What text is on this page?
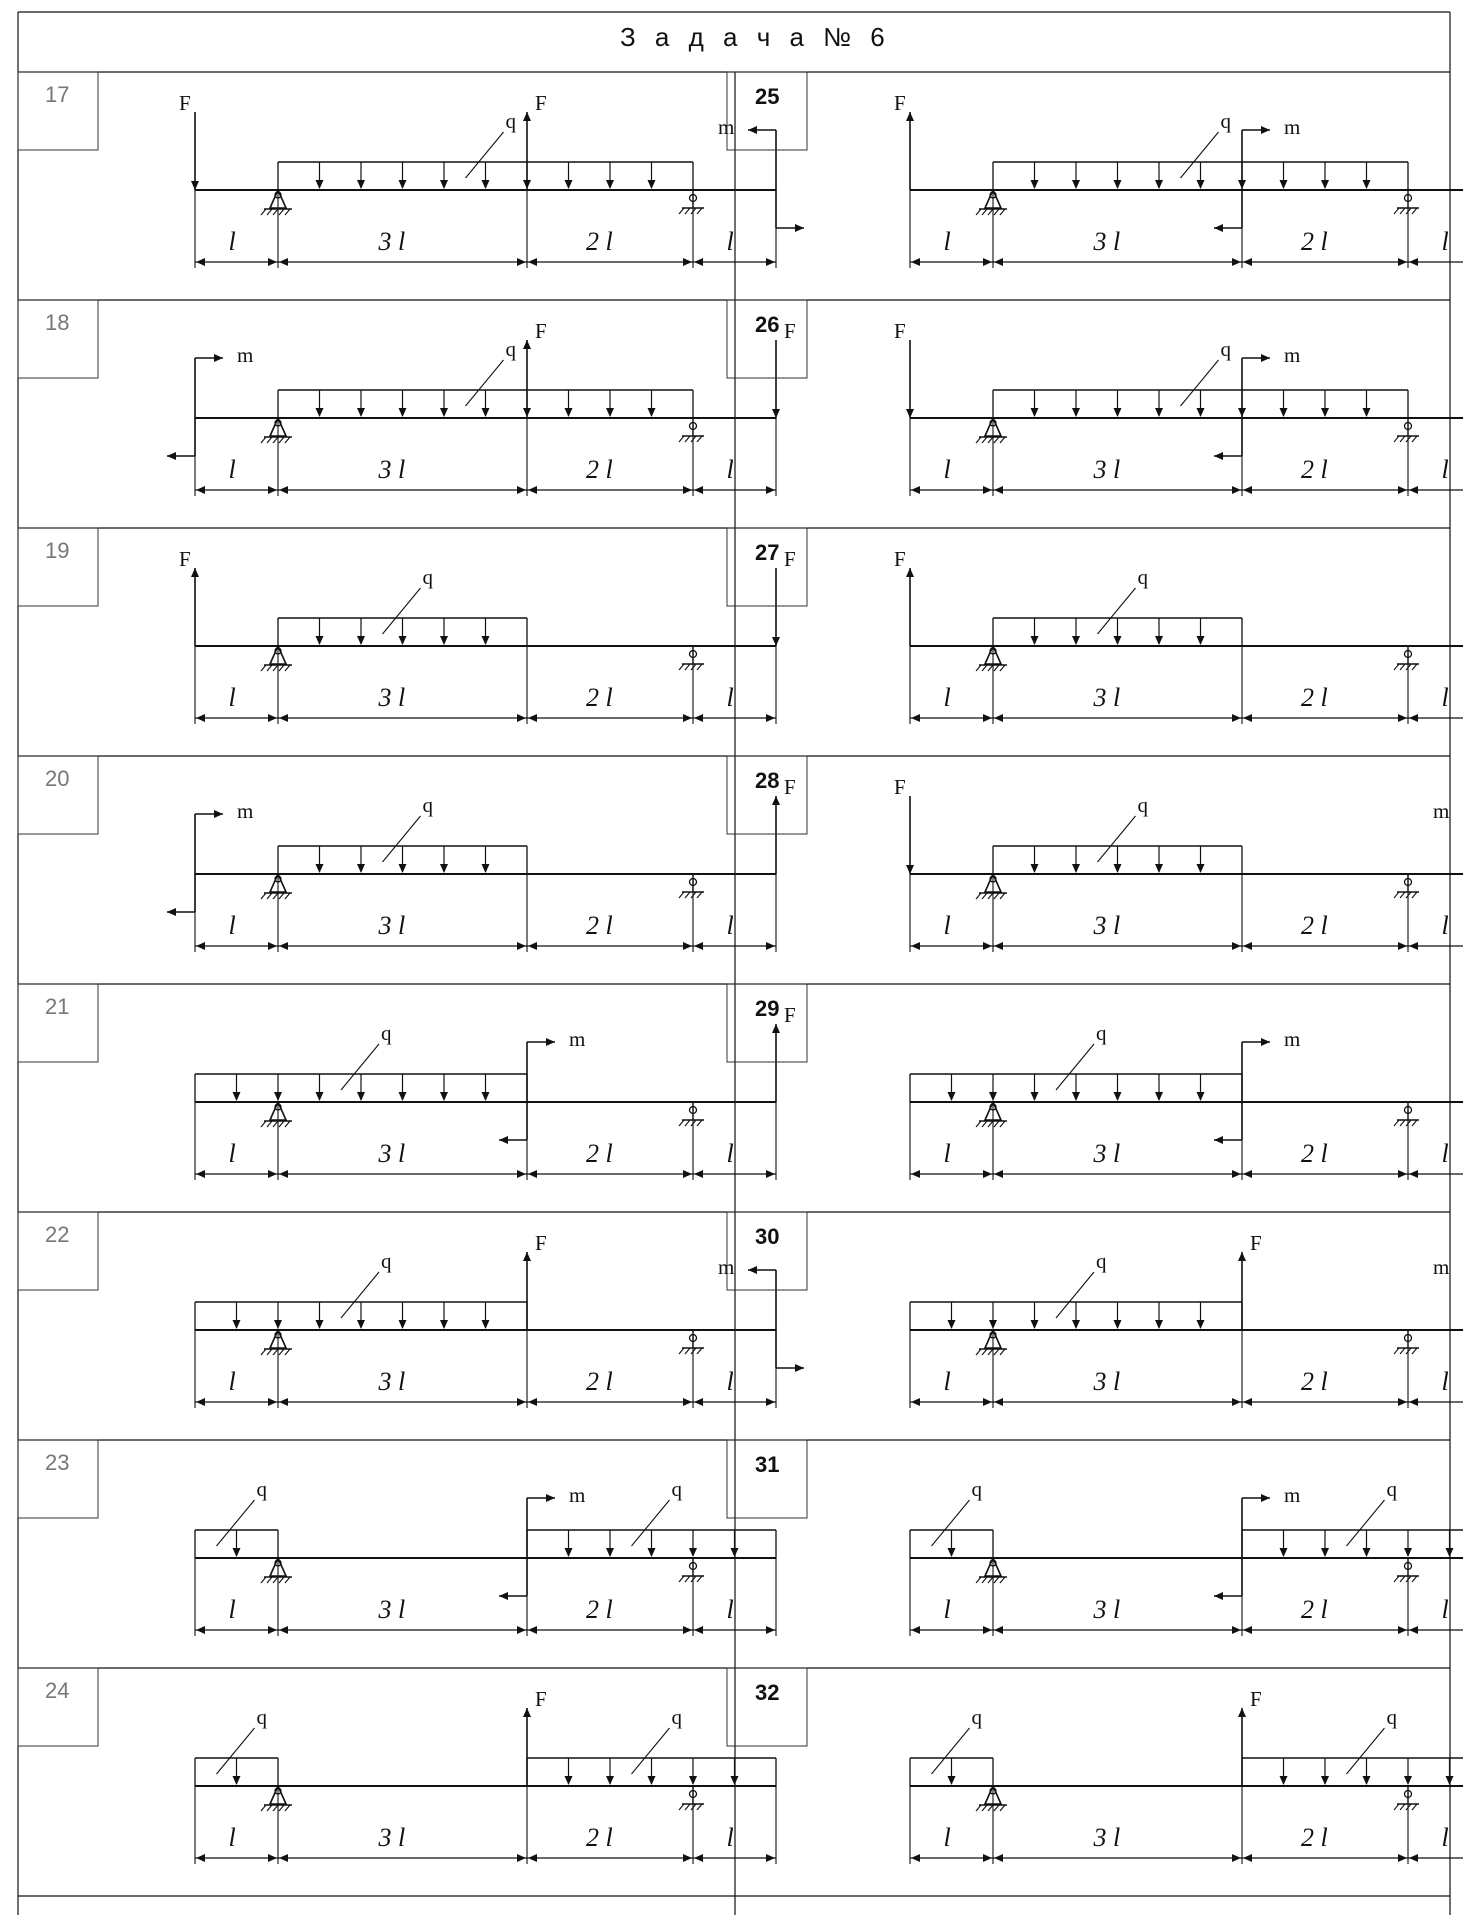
З а д а ч а № 6
17
l	3 l	2 l	l
F
q
F
m
18
l	3 l	2 l	l
m	q
F	F
19
l	3 l	2 l	l
F
q
F
20
l	3 l	2 l	l
m	q
F
21
l	3 l	2 l	l
q	m
F
22
l	3 l	2 l	l
q
F
m
23
l	3 l	2 l	l
q	m	q
24
l	3 l	2 l	l
q
F
q
25
l	3 l	2 l	l
F
q	m
26
l	3 l	2 l	l
F
q	m
27
l	3 l	2 l	l
F
q
28
l	3 l	2 l	l
F
q	m
29
l	3 l	2 l	l
q	m
30
l	3 l	2 l	l
q
F
m
31
l	3 l	2 l	l
q	m	q
32
l	3 l	2 l	l
q
F
q
